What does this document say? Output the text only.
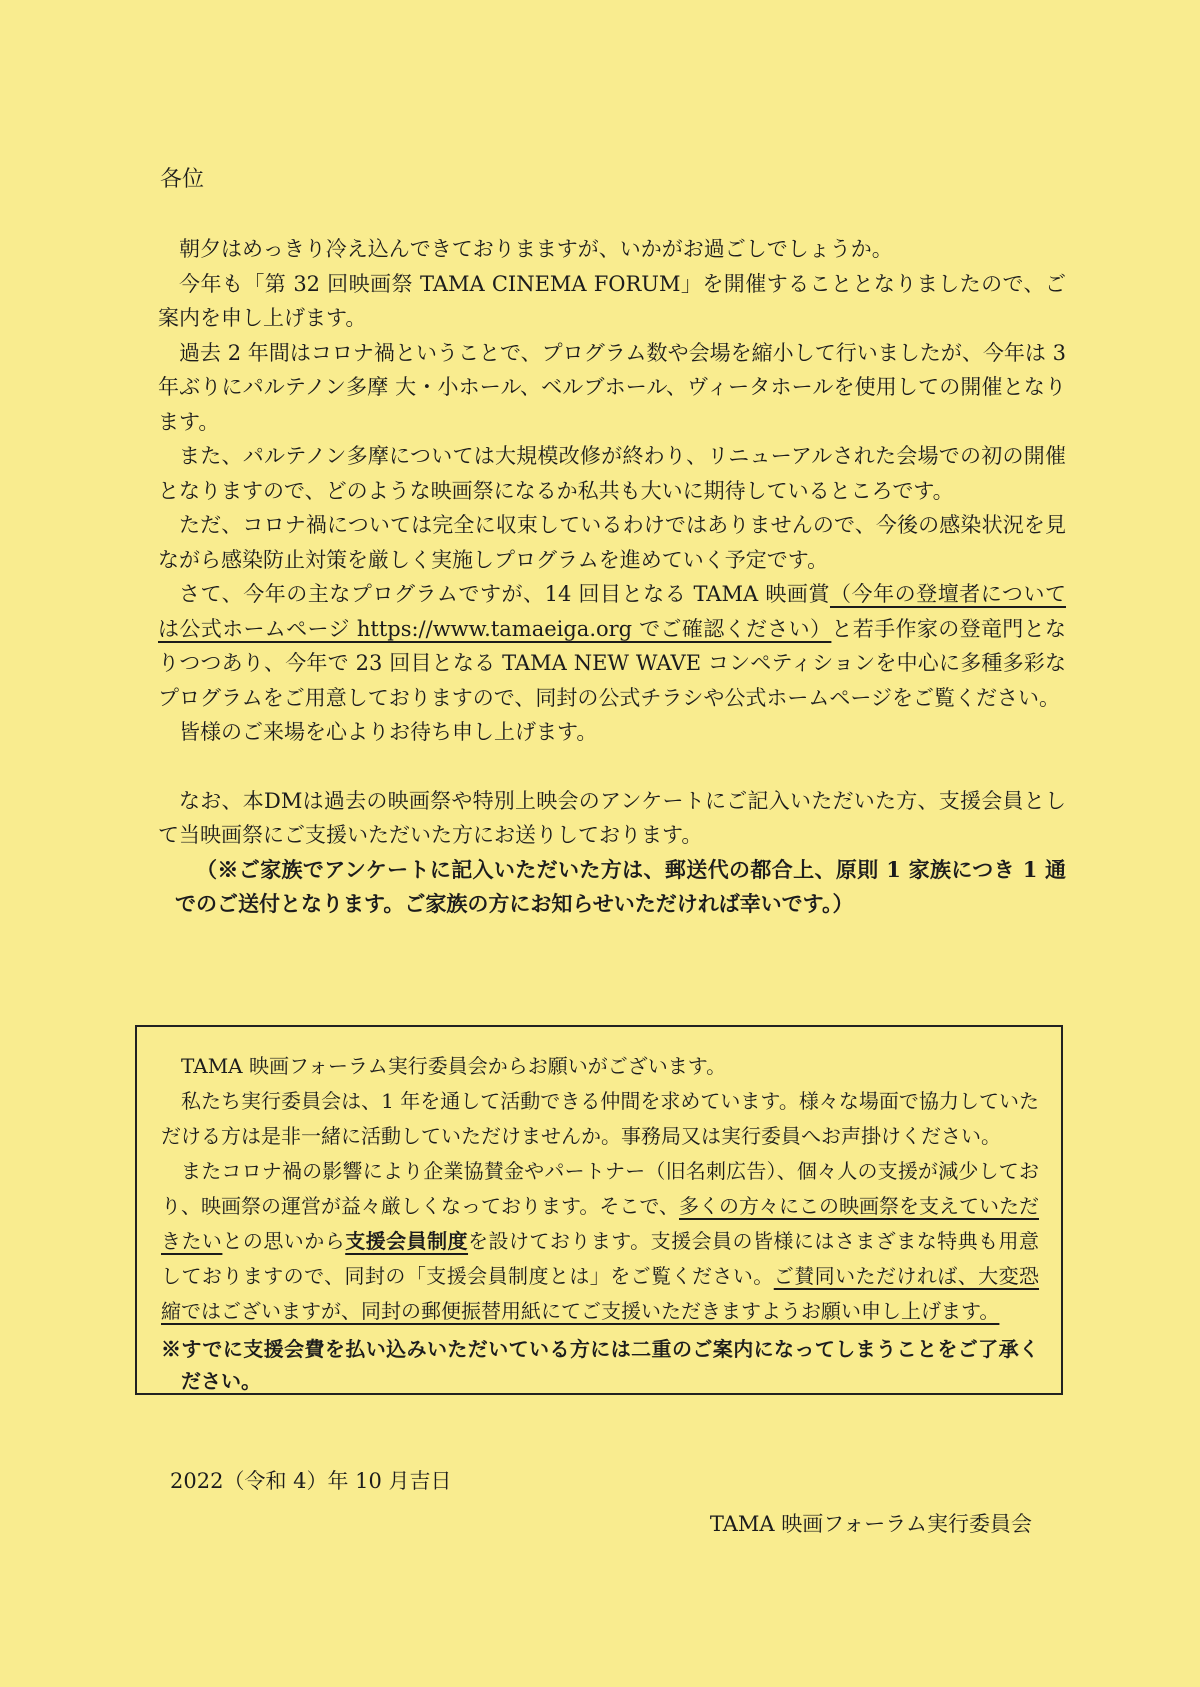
各位

朝夕はめっきり冷え込んできておりまますが、いかがお過ごしでしょうか。

今年も「第 32 回映画祭 TAMA CINEMA FORUM」を開催することとなりましたので、ご案内を申し上げます。

過去 2 年間はコロナ禍ということで、プログラム数や会場を縮小して行いましたが、今年は 3 年ぶりにパルテノン多摩 大・小ホール、ベルブホール、ヴィータホールを使用しての開催となります。

また、パルテノン多摩については大規模改修が終わり、リニューアルされた会場での初の開催となりますので、どのような映画祭になるか私共も大いに期待しているところです。

ただ、コロナ禍については完全に収束しているわけではありませんので、今後の感染状況を見ながら感染防止対策を厳しく実施しプログラムを進めていく予定です。

さて、今年の主なプログラムですが、14 回目となる TAMA 映画賞（今年の登壇者については公式ホームページ https://www.tamaeiga.org でご確認ください）と若手作家の登竜門となりつつあり、今年で 23 回目となる TAMA NEW WAVE コンペティションを中心に多種多彩なプログラムをご用意しておりますので、同封の公式チラシや公式ホームページをご覧ください。

皆様のご来場を心よりお待ち申し上げます。

なお、本DMは過去の映画祭や特別上映会のアンケートにご記入いただいた方、支援会員として当映画祭にご支援いただいた方にお送りしております。

（※ご家族でアンケートに記入いただいた方は、郵送代の都合上、原則 1 家族につき 1 通でのご送付となります。ご家族の方にお知らせいただければ幸いです。）

TAMA 映画フォーラム実行委員会からお願いがございます。

私たち実行委員会は、1 年を通して活動できる仲間を求めています。様々な場面で協力していただける方は是非一緒に活動していただけませんか。事務局又は実行委員へお声掛けください。

またコロナ禍の影響により企業協賛金やパートナー（旧名刺広告）、個々人の支援が減少しており、映画祭の運営が益々厳しくなっております。そこで、多くの方々にこの映画祭を支えていただきたいとの思いから支援会員制度を設けております。支援会員の皆様にはさまざまな特典も用意しておりますので、同封の「支援会員制度とは」をご覧ください。ご賛同いただければ、大変恐縮ではございますが、同封の郵便振替用紙にてご支援いただきますようお願い申し上げます。

※すでに支援会費を払い込みいただいている方には二重のご案内になってしまうことをご了承ください。

2022（令和 4）年 10 月吉日
TAMA 映画フォーラム実行委員会
